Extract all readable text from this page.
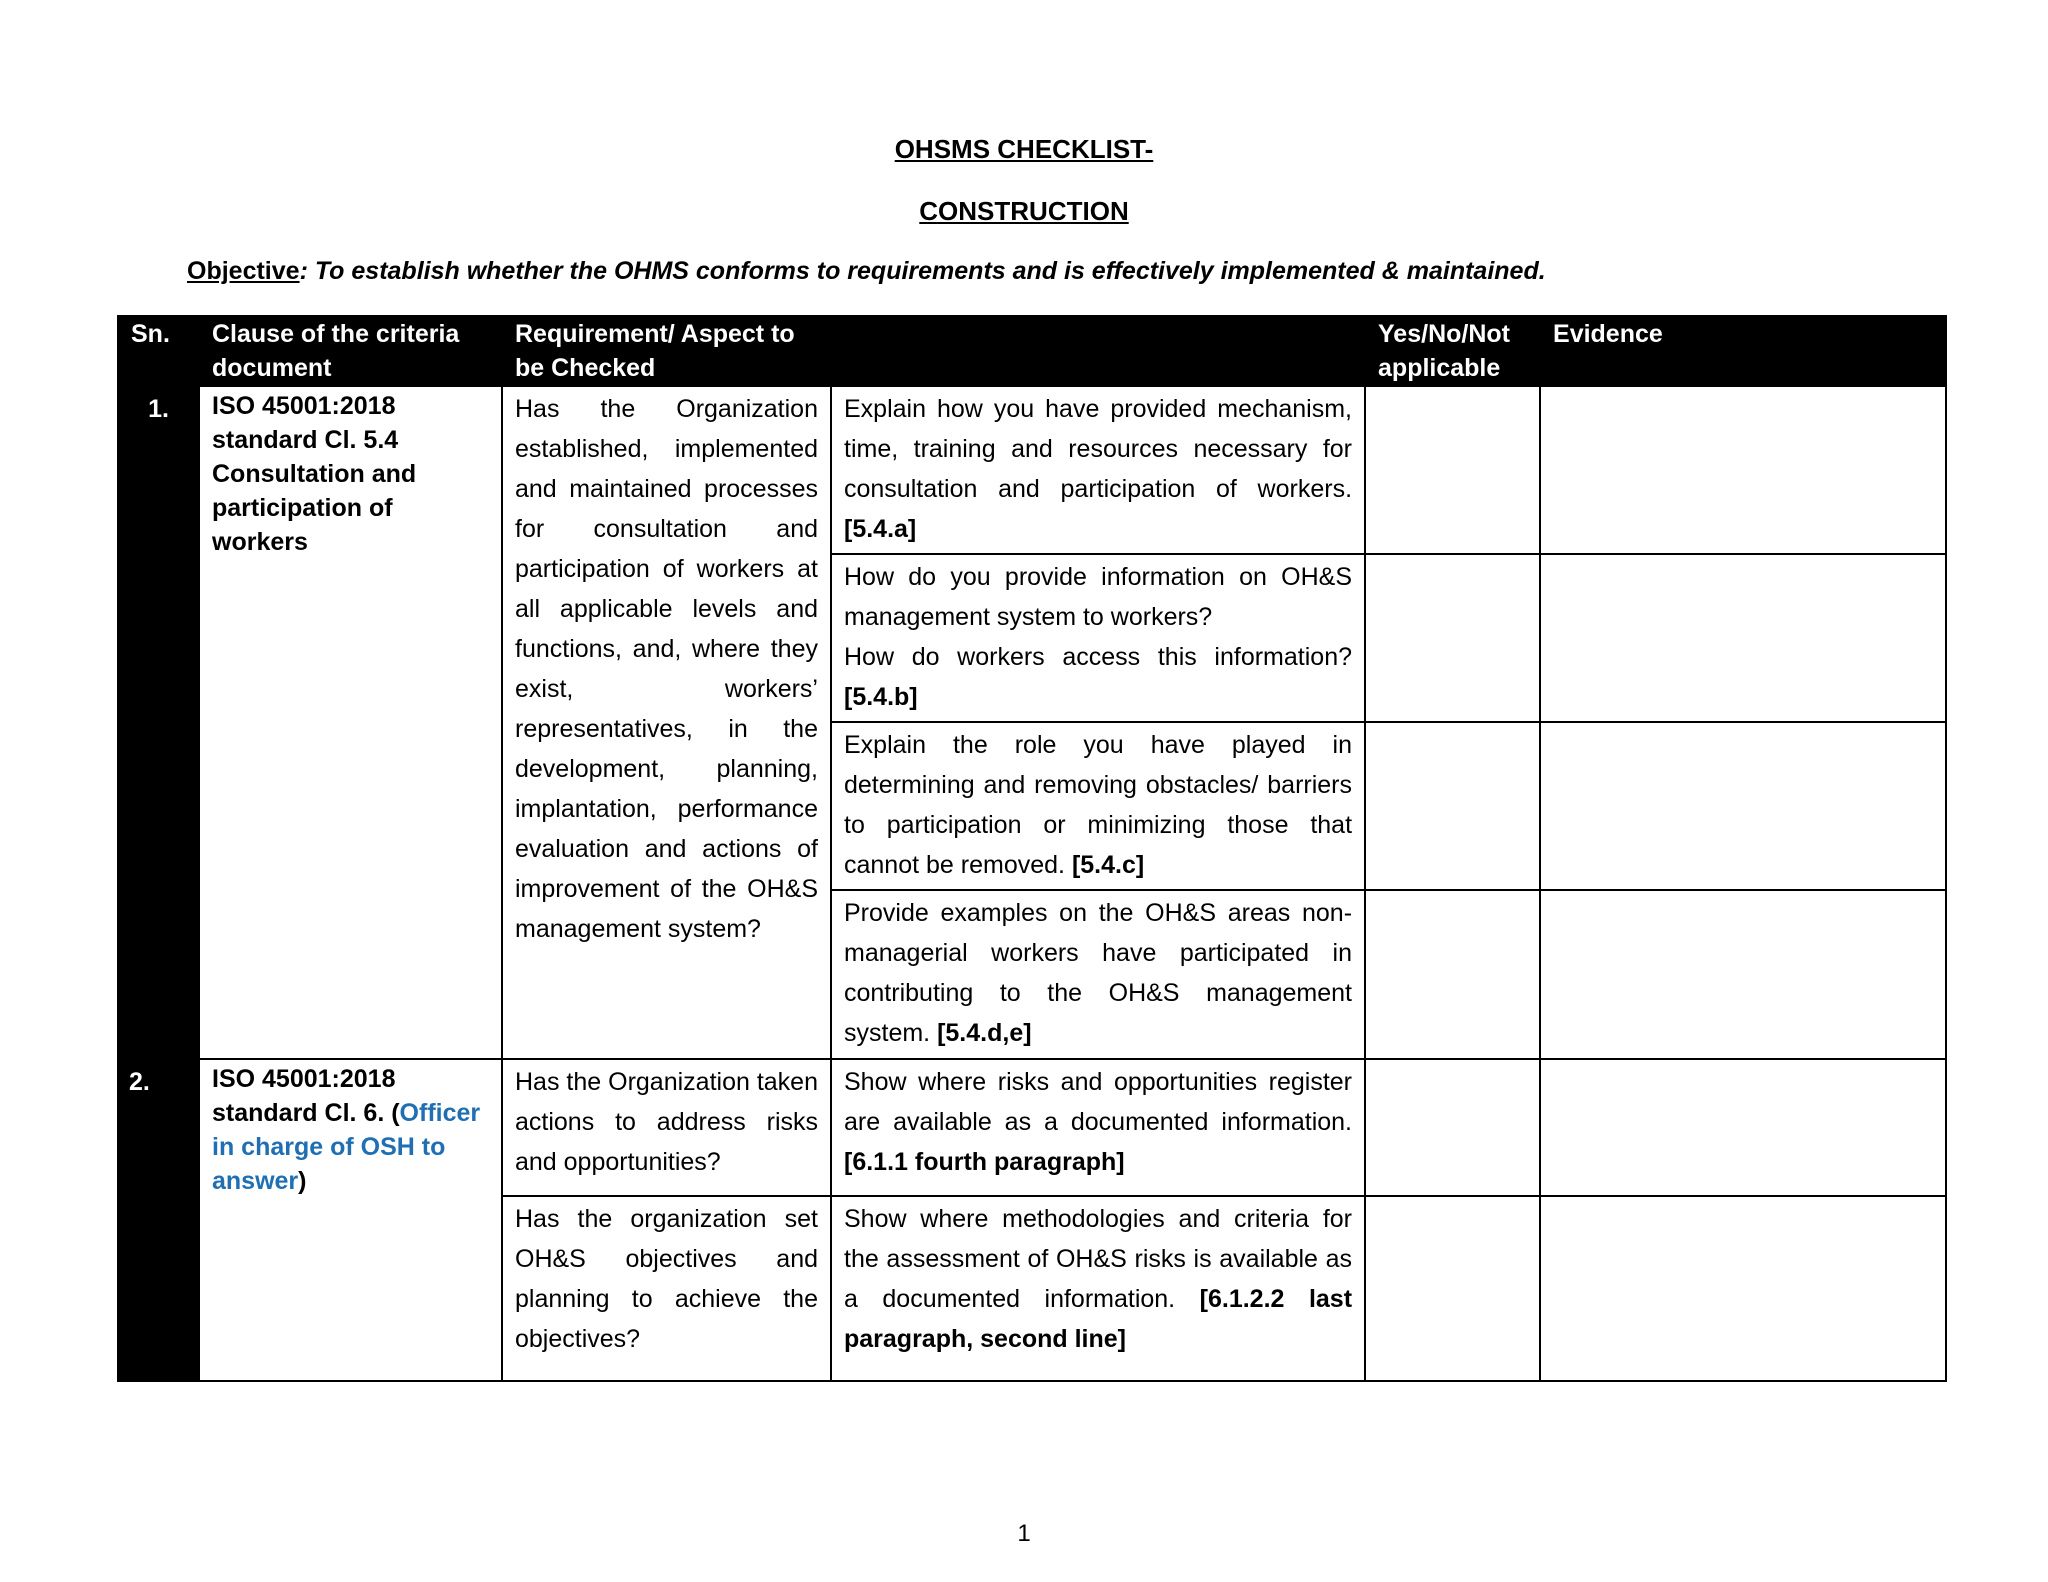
OHSMS CHECKLIST-
CONSTRUCTION
Objective: To establish whether the OHMS conforms to requirements and is effectively implemented & maintained.
Sn.	Clause of the criteria document	Requirement/ Aspect to be Checked		Yes/No/Not applicable	Evidence
1.	ISO 45001:2018 standard Cl. 5.4 Consultation and participation of workers	Has the Organization established, implemented and maintained processes for consultation and participation of workers at all applicable levels and functions, and, where they exist, workers’ representatives, in the development, planning, implantation, performance evaluation and actions of improvement of the OH&S management system?	Explain how you have provided mechanism, time, training and resources necessary for consultation and participation of workers. [5.4.a]		

			How do you provide information on OH&S management system to workers?
How do workers access this information? [5.4.b]		
			Explain the role you have played in determining and removing obstacles/ barriers to participation or minimizing those that cannot be removed. [5.4.c]		
			Provide examples on the OH&S areas non-managerial workers have participated in contributing to the OH&S management system. [5.4.d,e]		
2.	ISO 45001:2018 standard Cl. 6. (Officer in charge of OSH to answer)	Has the Organization taken actions to address risks and opportunities?	Show where risks and opportunities register are available as a documented information. [6.1.1 fourth paragraph]		
		Has the organization set OH&S objectives and planning to achieve the objectives?	Show where methodologies and criteria for the assessment of OH&S risks is available as a documented information. [6.1.2.2 last paragraph, second line]		
1
